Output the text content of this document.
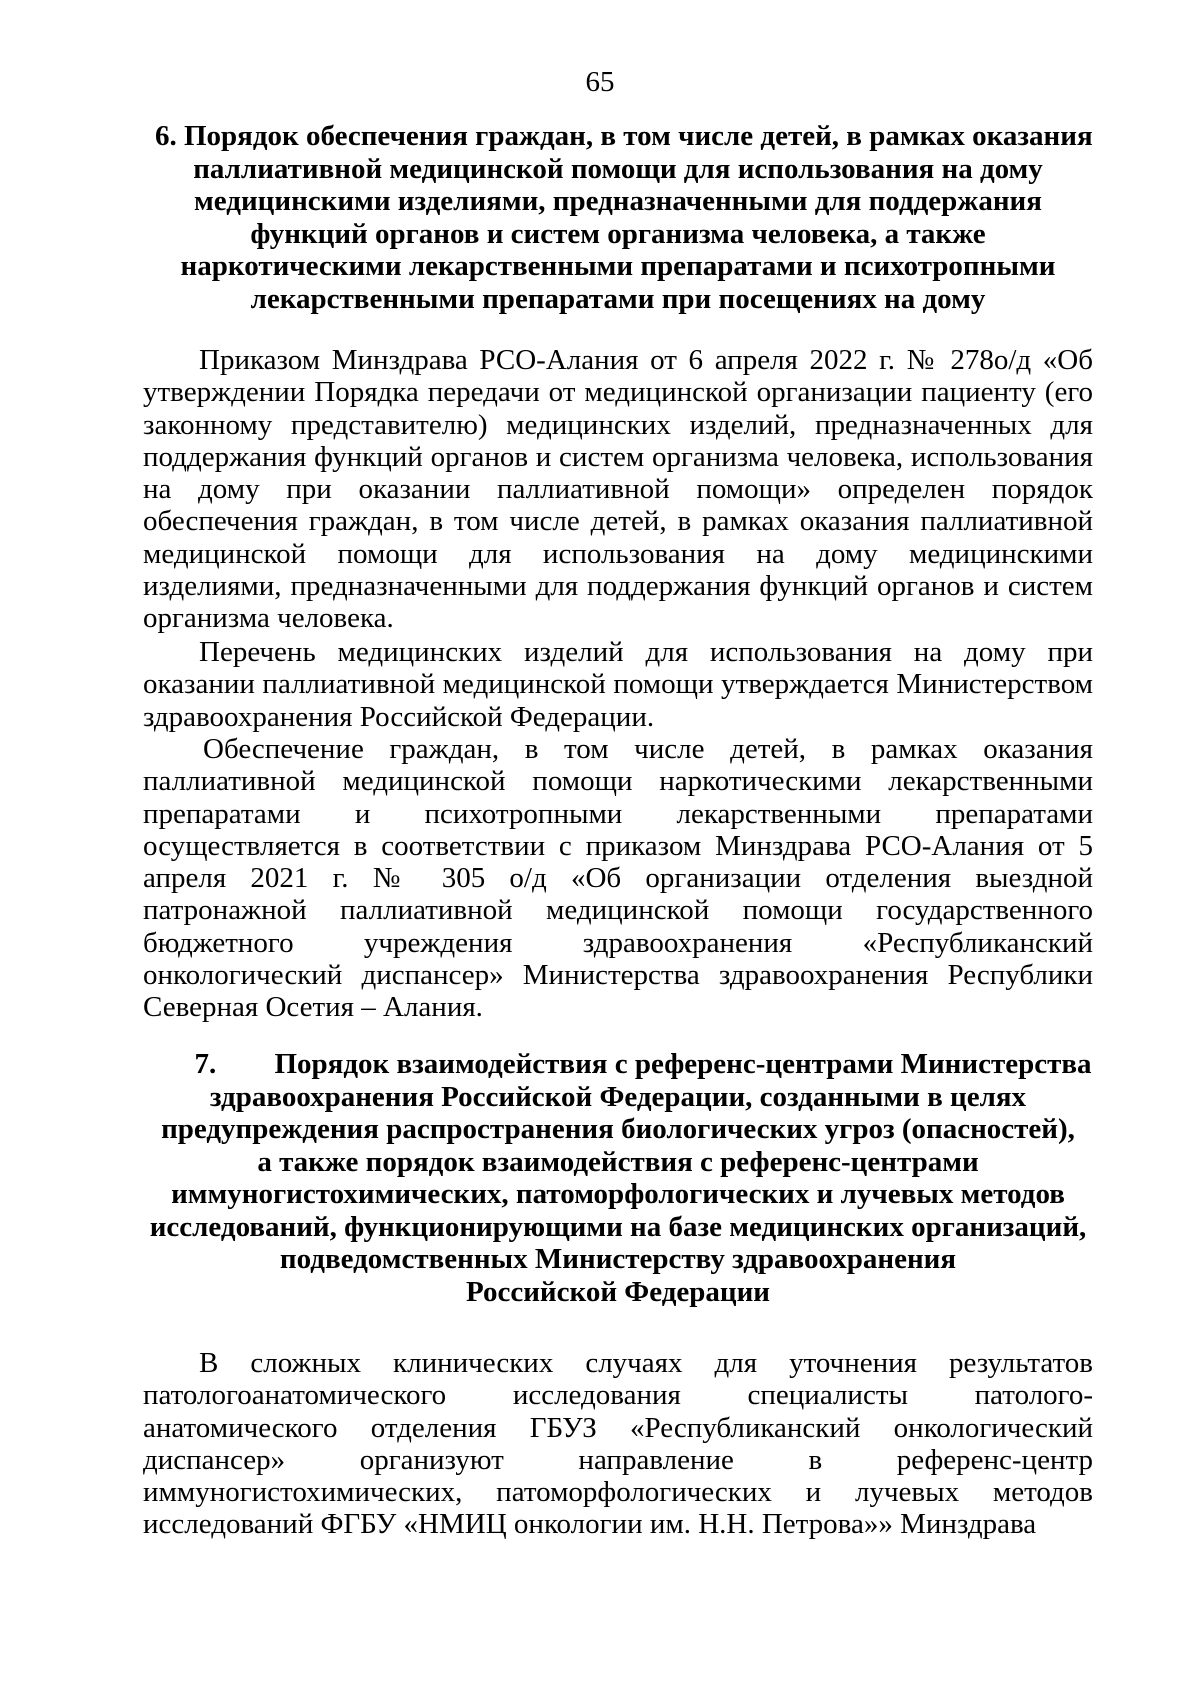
65
6. Порядок обеспечения граждан, в том числе детей, в рамках оказания
паллиативной медицинской помощи для использования на дому
медицинскими изделиями, предназначенными для поддержания
функций органов и систем организма человека, а также
наркотическими лекарственными препаратами и психотропными
лекарственными препаратами при посещениях на дому

Приказом Минздрава РСО-Алания от 6 апреля 2022 г. № 278о/д «Об утверждении Порядка передачи от медицинской организации пациенту (его законному представителю) медицинских изделий, предназначенных для поддержания функций органов и систем организма человека, использования на дому при оказании паллиативной помощи» определен порядок обеспечения граждан, в том числе детей, в рамках оказания паллиативной медицинской помощи для использования на дому медицинскими изделиями, предназначенными для поддержания функций органов и систем организма человека.

Перечень медицинских изделий для использования на дому при оказании паллиативной медицинской помощи утверждается Министерством здравоохранения Российской Федерации.

Обеспечение граждан, в том числе детей, в рамках оказания паллиативной медицинской помощи наркотическими лекарственными препаратами и психотропными лекарственными препаратами осуществляется в соответствии с приказом Минздрава РСО-Алания от 5 апреля 2021 г. № 305 о/д «Об организации отделения выездной патронажной паллиативной медицинской помощи государственного бюджетного учреждения здравоохранения «Республиканский онкологический диспансер» Министерства здравоохранения Республики Северная Осетия – Алания.

7. Порядок взаимодействия с референс-центрами Министерства
здравоохранения Российской Федерации, созданными в целях
предупреждения распространения биологических угроз (опасностей),
а также порядок взаимодействия с референс-центрами
иммуногистохимических, патоморфологических и лучевых методов
исследований, функционирующими на базе медицинских организаций,
подведомственных Министерству здравоохранения
Российской Федерации

В сложных клинических случаях для уточнения результатов патологоанатомического исследования специалисты патолого-анатомического отделения ГБУЗ «Республиканский онкологический диспансер» организуют направление в референс-центр иммуногистохимических, патоморфологических и лучевых методов исследований ФГБУ «НМИЦ онкологии им. Н.Н. Петрова»» Минздрава
